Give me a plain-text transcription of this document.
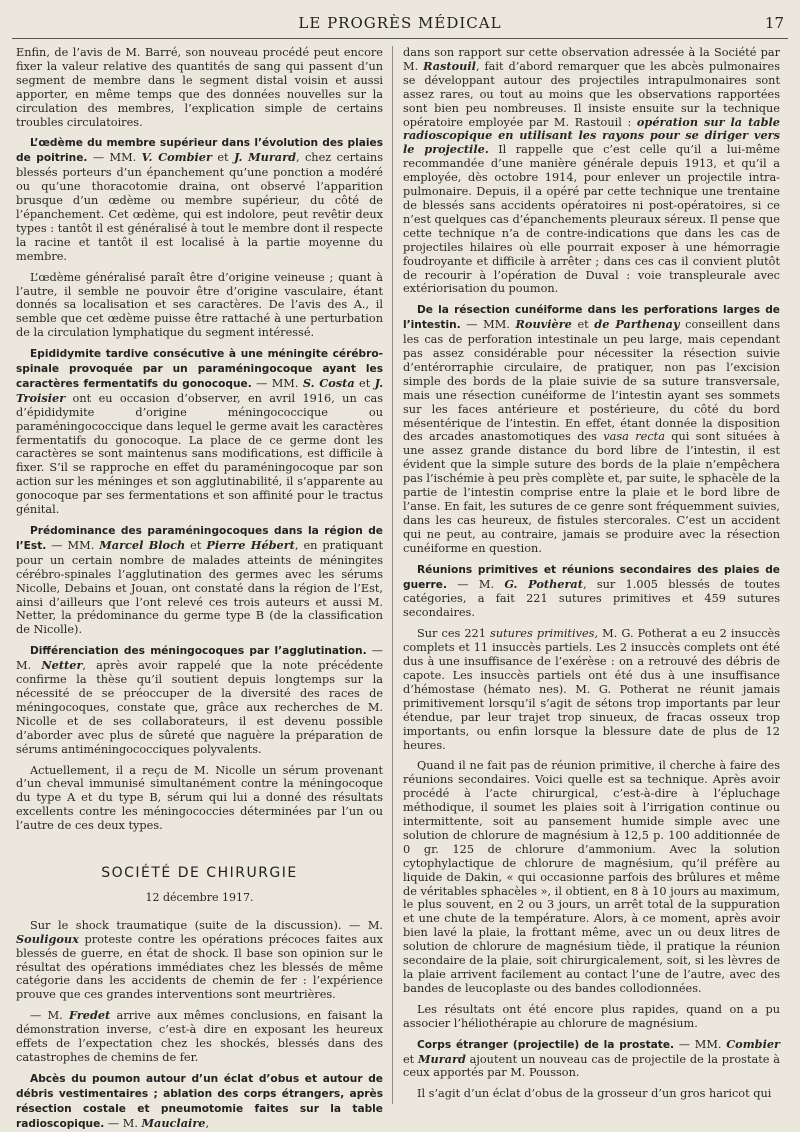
LE PROGRÈS MÉDICAL	17

Enfin, de l’avis de M. Barré, son nouveau procédé peut encore fixer la valeur relative des quantités de sang qui passent d’un segment de membre dans le segment distal voisin et aussi apporter, en même temps que des données nouvelles sur la circulation des membres, l’explication simple de certains troubles circulatoires.

L’œdème du membre supérieur dans l’évolution des plaies de poitrine. — MM. V. Combier et J. Murard, chez certains blessés porteurs d’un épanchement qu’une ponction a modéré ou qu’une thoracotomie draina, ont observé l’apparition brusque d’un œdème ou membre supérieur, du côté de l’épanchement. Cet œdème, qui est indolore, peut revêtir deux types : tantôt il est généralisé à tout le membre dont il respecte la racine et tantôt il est localisé à la partie moyenne du membre.

L’œdème généralisé paraît être d’origine veineuse ; quant à l’autre, il semble ne pouvoir être d’origine vasculaire, étant donnés sa localisation et ses caractères. De l’avis des A., il semble que cet œdème puisse être rattaché à une perturbation de la circulation lymphatique du segment intéressé.

Epididymite tardive consécutive à une méningite cérébro-spinale provoquée par un paraméningocoque ayant les caractères fermentatifs du gonocoque. — MM. S. Costa et J. Troisier ont eu occasion d’observer, en avril 1916, un cas d’épididymite d’origine méningococcique ou paraméningococcique dans lequel le germe avait les caractères fermentatifs du gonocoque. La place de ce germe dont les caractères se sont maintenus sans modifications, est difficile à fixer. S’il se rapproche en effet du paraméningocoque par son action sur les méninges et son agglutinabilité, il s’apparente au gonocoque par ses fermentations et son affinité pour le tractus génital.

Prédominance des paraméningocoques dans la région de l’Est. — MM. Marcel Bloch et Pierre Hébert, en pratiquant pour un certain nombre de malades atteints de méningites cérébro-spinales l’agglutination des germes avec les sérums Nicolle, Debains et Jouan, ont constaté dans la région de l’Est, ainsi d’ailleurs que l’ont relevé ces trois auteurs et aussi M. Netter, la prédominance du germe type B (de la classification de Nicolle).

Différenciation des méningocoques par l’agglutination. — M. Netter, après avoir rappelé que la note précédente confirme la thèse qu’il soutient depuis longtemps sur la nécessité de se préoccuper de la diversité des races de méningocoques, constate que, grâce aux recherches de M. Nicolle et de ses collaborateurs, il est devenu possible d’aborder avec plus de sûreté que naguère la préparation de sérums antiméningococciques polyvalents.

Actuellement, il a reçu de M. Nicolle un sérum provenant d’un cheval immunisé simultanément contre la méningocoque du type A et du type B, sérum qui lui a donné des résultats excellents contre les méningococcies déterminées par l’un ou l’autre de ces deux types.

SOCIÉTÉ DE CHIRURGIE
12 décembre 1917.

Sur le shock traumatique (suite de la discussion). — M. Souligoux proteste contre les opérations précoces faites aux blessés de guerre, en état de shock. Il base son opinion sur le résultat des opérations immédiates chez les blessés de même catégorie dans les accidents de chemin de fer : l’expérience prouve que ces grandes interventions sont meurtrières.

— M. Fredet arrive aux mêmes conclusions, en faisant la démonstration inverse, c’est-à dire en exposant les heureux effets de l’expectation chez les shockés, blessés dans des catastrophes de chemins de fer.

Abcès du poumon autour d’un éclat d’obus et autour de débris vestimentaires ; ablation des corps étrangers, après résection costale et pneumotomie faites sur la table radioscopique. — M. Mauclaire,

dans son rapport sur cette observation adressée à la Société par M. Rastouil, fait d’abord remarquer que les abcès pulmonaires se développant autour des projectiles intrapulmonaires sont assez rares, ou tout au moins que les observations rapportées sont bien peu nombreuses. Il insiste ensuite sur la technique opératoire employée par M. Rastouil : opération sur la table radioscopique en utilisant les rayons pour se diriger vers le projectile. Il rappelle que c’est celle qu’il a lui-même recommandée d’une manière générale depuis 1913, et qu’il a employée, dès octobre 1914, pour enlever un projectile intra-pulmonaire. Depuis, il a opéré par cette technique une trentaine de blessés sans accidents opératoires ni post-opératoires, si ce n’est quelques cas d’épanchements pleuraux séreux. Il pense que cette technique n’a de contre-indications que dans les cas de projectiles hilaires où elle pourrait exposer à une hémorragie foudroyante et difficile à arrêter ; dans ces cas il convient plutôt de recourir à l’opération de Duval : voie transpleurale avec extériorisation du poumon.

De la résection cunéiforme dans les perforations larges de l’intestin. — MM. Rouvière et de Parthenay conseillent dans les cas de perforation intestinale un peu large, mais cependant pas assez considérable pour nécessiter la résection suivie d’entérorraphie circulaire, de pratiquer, non pas l’excision simple des bords de la plaie suivie de sa suture transversale, mais une résection cunéiforme de l’intestin ayant ses sommets sur les faces antérieure et postérieure, du côté du bord mésentérique de l’intestin. En effet, étant donnée la disposition des arcades anastomotiques des vasa recta qui sont situées à une assez grande distance du bord libre de l’intestin, il est évident que la simple suture des bords de la plaie n’empêchera pas l’ischémie à peu près complète et, par suite, le sphacèle de la partie de l’intestin comprise entre la plaie et le bord libre de l’anse. En fait, les sutures de ce genre sont fréquemment suivies, dans les cas heureux, de fistules stercorales. C’est un accident qui ne peut, au contraire, jamais se produire avec la résection cunéiforme en question.

Réunions primitives et réunions secondaires des plaies de guerre. — M. G. Potherat, sur 1.005 blessés de toutes catégories, a fait 221 sutures primitives et 459 sutures secondaires.

Sur ces 221 sutures primitives, M. G. Potherat a eu 2 insuccès complets et 11 insuccès partiels. Les 2 insuccès complets ont été dus à une insuffisance de l’exérèse : on a retrouvé des débris de capote. Les insuccès partiels ont été dus à une insuffisance d’hémostase (hémato nes). M. G. Potherat ne réunit jamais primitivement lorsqu’il s’agit de sétons trop importants par leur étendue, par leur trajet trop sinueux, de fracas osseux trop importants, ou enfin lorsque la blessure date de plus de 12 heures.

Quand il ne fait pas de réunion primitive, il cherche à faire des réunions secondaires. Voici quelle est sa technique. Après avoir procédé à l’acte chirurgical, c’est-à-dire à l’épluchage méthodique, il soumet les plaies soit à l’irrigation continue ou intermittente, soit au pansement humide simple avec une solution de chlorure de magnésium à 12,5 p. 100 additionnée de 0 gr. 125 de chlorure d’ammonium. Avec la solution cytophylactique de chlorure de magnésium, qu’il préfère au liquide de Dakin, « qui occasionne parfois des brûlures et même de véritables sphacèles », il obtient, en 8 à 10 jours au maximum, le plus souvent, en 2 ou 3 jours, un arrêt total de la suppuration et une chute de la température. Alors, à ce moment, après avoir bien lavé la plaie, la frottant même, avec un ou deux litres de solution de chlorure de magnésium tiède, il pratique la réunion secondaire de la plaie, soit chirurgicalement, soit, si les lèvres de la plaie arrivent facilement au contact l’une de l’autre, avec des bandes de leucoplaste ou des bandes collodionnées.

Les résultats ont été encore plus rapides, quand on a pu associer l’héliothérapie au chlorure de magnésium.

Corps étranger (projectile) de la prostate. — MM. Combier et Murard ajoutent un nouveau cas de projectile de la prostate à ceux apportés par M. Pousson.

Il s’agit d’un éclat d’obus de la grosseur d’un gros haricot qui
